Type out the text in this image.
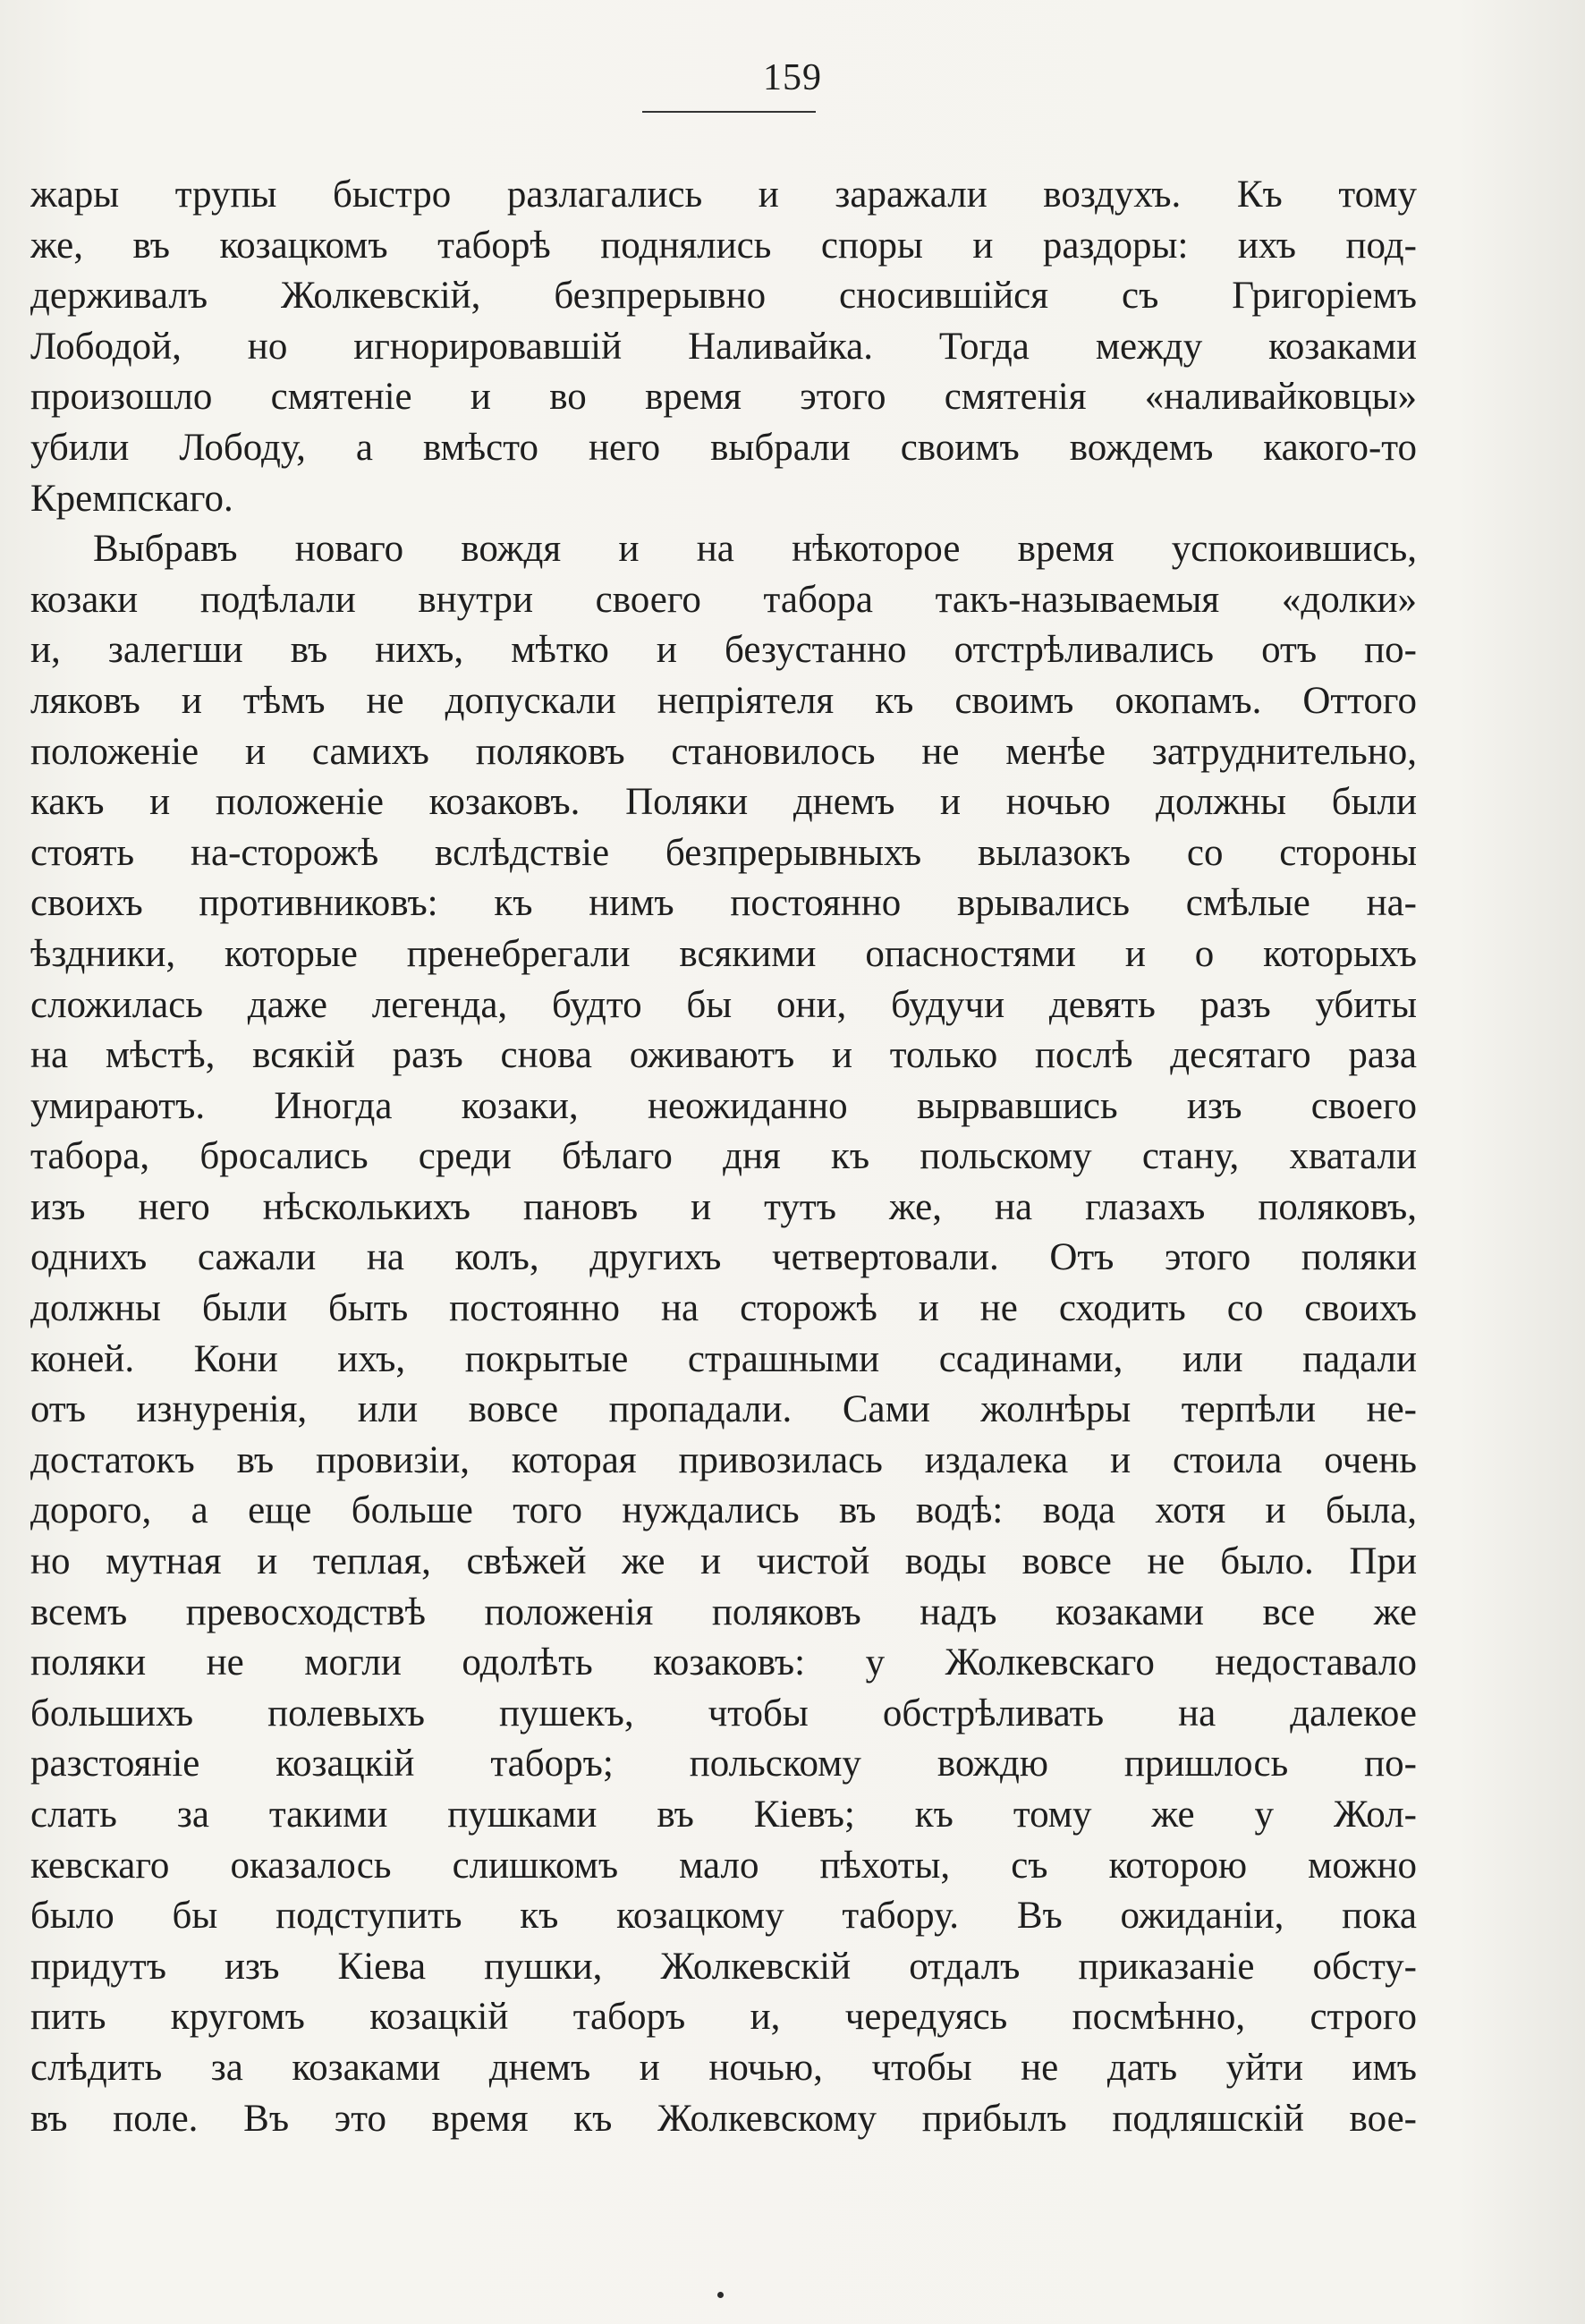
159
жары трупы быстро разлагались и заражали воздухъ. Къ тому
же, въ козацкомъ таборѣ поднялись споры и раздоры: ихъ под-
держивалъ Жолкевскій, безпрерывно сносившійся съ Григоріемъ
Лободой, но игнорировавшій Наливайка. Тогда между козаками
произошло смятеніе и во время этого смятенія «наливайковцы»
убили Лободу, а вмѣсто него выбрали своимъ вождемъ какого-то
Кремпскаго.
Выбравъ новаго вождя и на нѣкоторое время успокоившись,
козаки подѣлали внутри своего табора такъ-называемыя «долки»
и, залегши въ нихъ, мѣтко и безустанно отстрѣливались отъ по-
ляковъ и тѣмъ не допускали непріятеля къ своимъ окопамъ. Оттого
положеніе и самихъ поляковъ становилось не менѣе затруднительно,
какъ и положеніе козаковъ. Поляки днемъ и ночью должны были
стоять на-сторожѣ вслѣдствіе безпрерывныхъ вылазокъ со стороны
своихъ противниковъ: къ нимъ постоянно врывались смѣлые на-
ѣздники, которые пренебрегали всякими опасностями и о которыхъ
сложилась даже легенда, будто бы они, будучи девять разъ убиты
на мѣстѣ, всякій разъ снова оживаютъ и только послѣ десятаго раза
умираютъ. Иногда козаки, неожиданно вырвавшись изъ своего
табора, бросались среди бѣлаго дня къ польскому стану, хватали
изъ него нѣсколькихъ пановъ и тутъ же, на глазахъ поляковъ,
однихъ сажали на колъ, другихъ четвертовали. Отъ этого поляки
должны были быть постоянно на сторожѣ и не сходить со своихъ
коней. Кони ихъ, покрытые страшными ссадинами, или падали
отъ изнуренія, или вовсе пропадали. Сами жолнѣры терпѣли не-
достатокъ въ провизіи, которая привозилась издалека и стоила очень
дорого, а еще больше того нуждались въ водѣ: вода хотя и была,
но мутная и теплая, свѣжей же и чистой воды вовсе не было. При
всемъ превосходствѣ положенія поляковъ надъ козаками все же
поляки не могли одолѣть козаковъ: у Жолкевскаго недоставало
большихъ полевыхъ пушекъ, чтобы обстрѣливать на далекое
разстояніе козацкій таборъ; польскому вождю пришлось по-
слать за такими пушками въ Кіевъ; къ тому же у Жол-
кевскаго оказалось слишкомъ мало пѣхоты, съ которою можно
было бы подступить къ козацкому табору. Въ ожиданіи, пока
придутъ изъ Кіева пушки, Жолкевскій отдалъ приказаніе обсту-
пить кругомъ козацкій таборъ и, чередуясь посмѣнно, строго
слѣдить за козаками днемъ и ночью, чтобы не дать уйти имъ
въ поле. Въ это время къ Жолкевскому прибылъ подляшскій вое-
